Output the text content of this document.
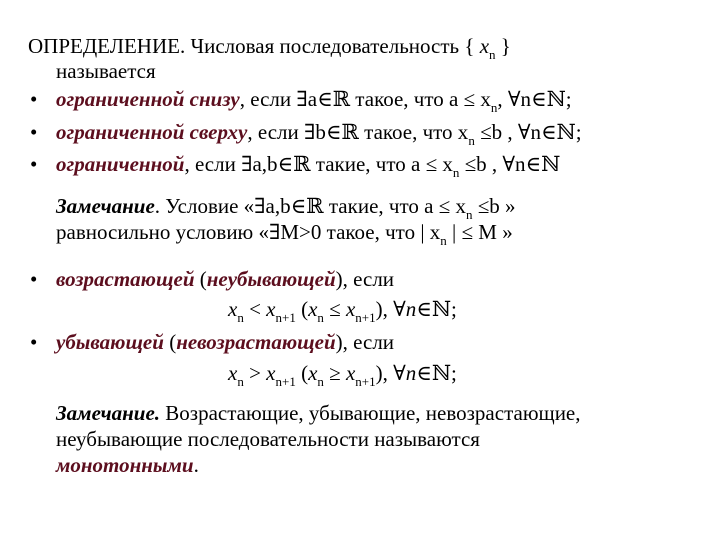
ОПРЕДЕЛЕНИЕ. Числовая последовательность { $x_n$ }
называется
• ограниченной снизу, если ∃a∈ℝ такое, что $a \le x_n$, ∀n∈ℕ;
• ограниченной сверху, если ∃b∈ℝ такое, что $x_n \le b$ , ∀n∈ℕ;
• ограниченной, если ∃a,b∈ℝ такие, что $a \le x_n \le b$ , ∀n∈ℕ
Замечание. Условие «∃a,b∈ℝ такие, что $a \le x_n \le b$ »
равносильно условию «∃M>0 такое, что | $x_n$ | ≤ M »
• возрастающей (неубывающей), если
$x_n < x_{n+1}$ $(x_n \le x_{n+1})$, ∀n∈ℕ;
• убывающей (невозрастающей), если
$x_n > x_{n+1}$ $(x_n \ge x_{n+1})$, ∀n∈ℕ;
Замечание. Возрастающие, убывающие, невозрастающие,
неубывающие последовательности называются
монотонными.
